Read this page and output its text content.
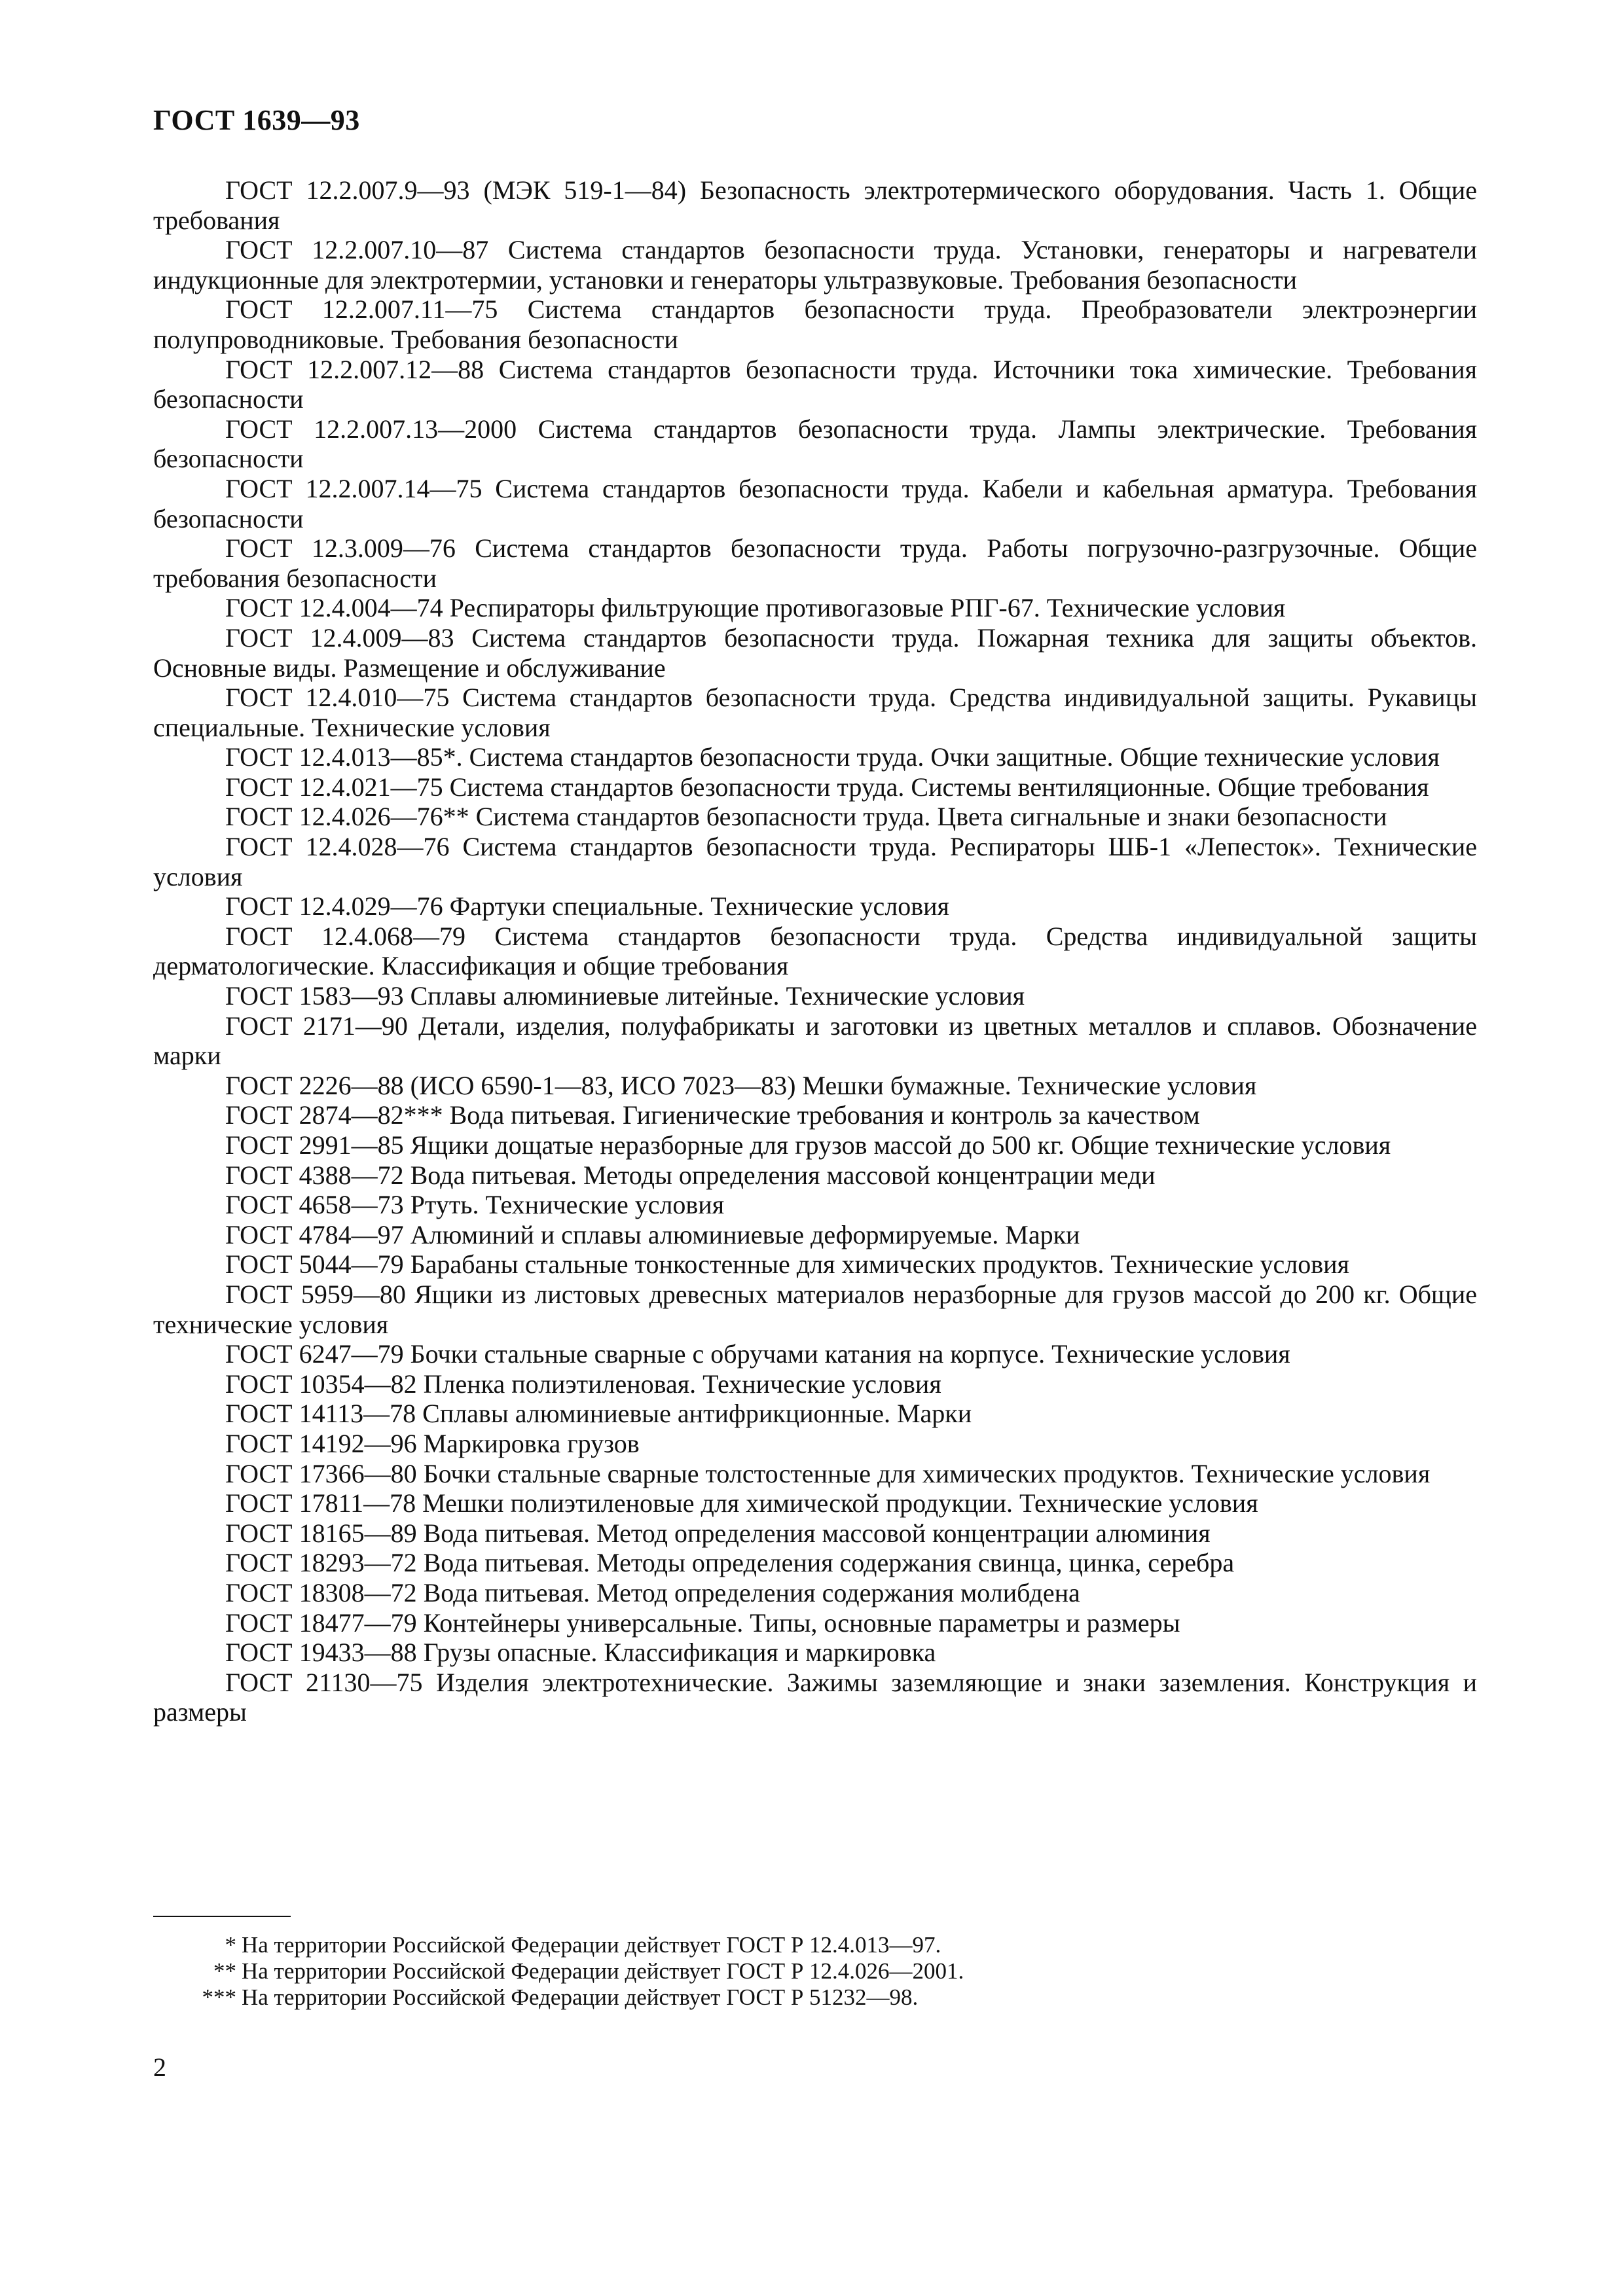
ГОСТ 1639—93

ГОСТ 12.2.007.9—93 (МЭК 519-1—84) Безопасность электротермического оборудования. Часть 1. Общие требования

ГОСТ 12.2.007.10—87 Система стандартов безопасности труда. Установки, генераторы и нагреватели индукционные для электротермии, установки и генераторы ультразвуковые. Требования безопасности

ГОСТ 12.2.007.11—75 Система стандартов безопасности труда. Преобразователи электроэнергии полупроводниковые. Требования безопасности

ГОСТ 12.2.007.12—88 Система стандартов безопасности труда. Источники тока химические. Требования безопасности

ГОСТ 12.2.007.13—2000 Система стандартов безопасности труда. Лампы электрические. Требования безопасности

ГОСТ 12.2.007.14—75 Система стандартов безопасности труда. Кабели и кабельная арматура. Требования безопасности

ГОСТ 12.3.009—76 Система стандартов безопасности труда. Работы погрузочно-разгрузочные. Общие требования безопасности

ГОСТ 12.4.004—74 Респираторы фильтрующие противогазовые РПГ-67. Технические условия

ГОСТ 12.4.009—83 Система стандартов безопасности труда. Пожарная техника для защиты объектов. Основные виды. Размещение и обслуживание

ГОСТ 12.4.010—75 Система стандартов безопасности труда. Средства индивидуальной защиты. Рукавицы специальные. Технические условия

ГОСТ 12.4.013—85*. Система стандартов безопасности труда. Очки защитные. Общие технические условия

ГОСТ 12.4.021—75 Система стандартов безопасности труда. Системы вентиляционные. Общие требования

ГОСТ 12.4.026—76** Система стандартов безопасности труда. Цвета сигнальные и знаки безопасности

ГОСТ 12.4.028—76 Система стандартов безопасности труда. Респираторы ШБ-1 «Лепесток». Технические условия

ГОСТ 12.4.029—76 Фартуки специальные. Технические условия

ГОСТ 12.4.068—79 Система стандартов безопасности труда. Средства индивидуальной защиты дерматологические. Классификация и общие требования

ГОСТ 1583—93 Сплавы алюминиевые литейные. Технические условия

ГОСТ 2171—90 Детали, изделия, полуфабрикаты и заготовки из цветных металлов и сплавов. Обозначение марки

ГОСТ 2226—88 (ИСО 6590-1—83, ИСО 7023—83) Мешки бумажные. Технические условия

ГОСТ 2874—82*** Вода питьевая. Гигиенические требования и контроль за качеством

ГОСТ 2991—85 Ящики дощатые неразборные для грузов массой до 500 кг. Общие технические условия

ГОСТ 4388—72 Вода питьевая. Методы определения массовой концентрации меди

ГОСТ 4658—73 Ртуть. Технические условия

ГОСТ 4784—97 Алюминий и сплавы алюминиевые деформируемые. Марки

ГОСТ 5044—79 Барабаны стальные тонкостенные для химических продуктов. Технические условия

ГОСТ 5959—80 Ящики из листовых древесных материалов неразборные для грузов массой до 200 кг. Общие технические условия

ГОСТ 6247—79 Бочки стальные сварные с обручами катания на корпусе. Технические условия

ГОСТ 10354—82 Пленка полиэтиленовая. Технические условия

ГОСТ 14113—78 Сплавы алюминиевые антифрикционные. Марки

ГОСТ 14192—96 Маркировка грузов

ГОСТ 17366—80 Бочки стальные сварные толстостенные для химических продуктов. Технические условия

ГОСТ 17811—78 Мешки полиэтиленовые для химической продукции. Технические условия

ГОСТ 18165—89 Вода питьевая. Метод определения массовой концентрации алюминия

ГОСТ 18293—72 Вода питьевая. Методы определения содержания свинца, цинка, серебра

ГОСТ 18308—72 Вода питьевая. Метод определения содержания молибдена

ГОСТ 18477—79 Контейнеры универсальные. Типы, основные параметры и размеры

ГОСТ 19433—88 Грузы опасные. Классификация и маркировка

ГОСТ 21130—75 Изделия электротехнические. Зажимы заземляющие и знаки заземления. Конструкция и размеры

* На территории Российской Федерации действует ГОСТ Р 12.4.013—97.

** На территории Российской Федерации действует ГОСТ Р 12.4.026—2001.

*** На территории Российской Федерации действует ГОСТ Р 51232—98.

2
